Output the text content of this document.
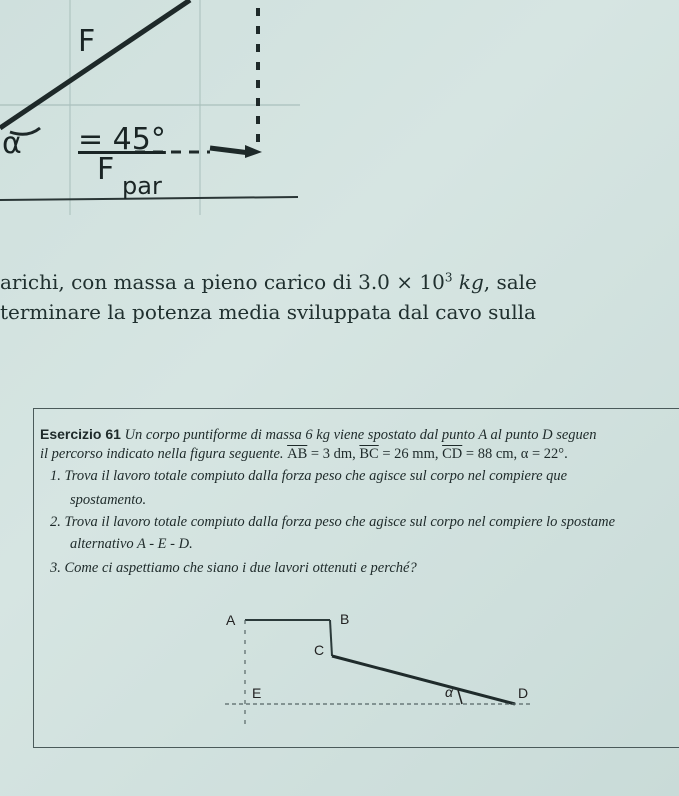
F
α = 45°
F par
arichi, con massa a pieno carico di $3.0 \times 10^3$ kg, sale
terminare la potenza media sviluppata dal cavo sulla
Esercizio 61 Un corpo puntiforme di massa 6 kg viene spostato dal punto A al punto D seguen
il percorso indicato nella figura seguente. $\overline{AB} = 3$ dm, $\overline{BC} = 26$ mm, $\overline{CD} = 88$ cm, α = 22°.
1. Trova il lavoro totale compiuto dalla forza peso che agisce sul corpo nel compiere que
spostamento.
2. Trova il lavoro totale compiuto dalla forza peso che agisce sul corpo nel compiere lo spostame
alternativo A - E - D.
3. Come ci aspettiamo che siano i due lavori ottenuti e perché?
A	B
C
E	α	D
